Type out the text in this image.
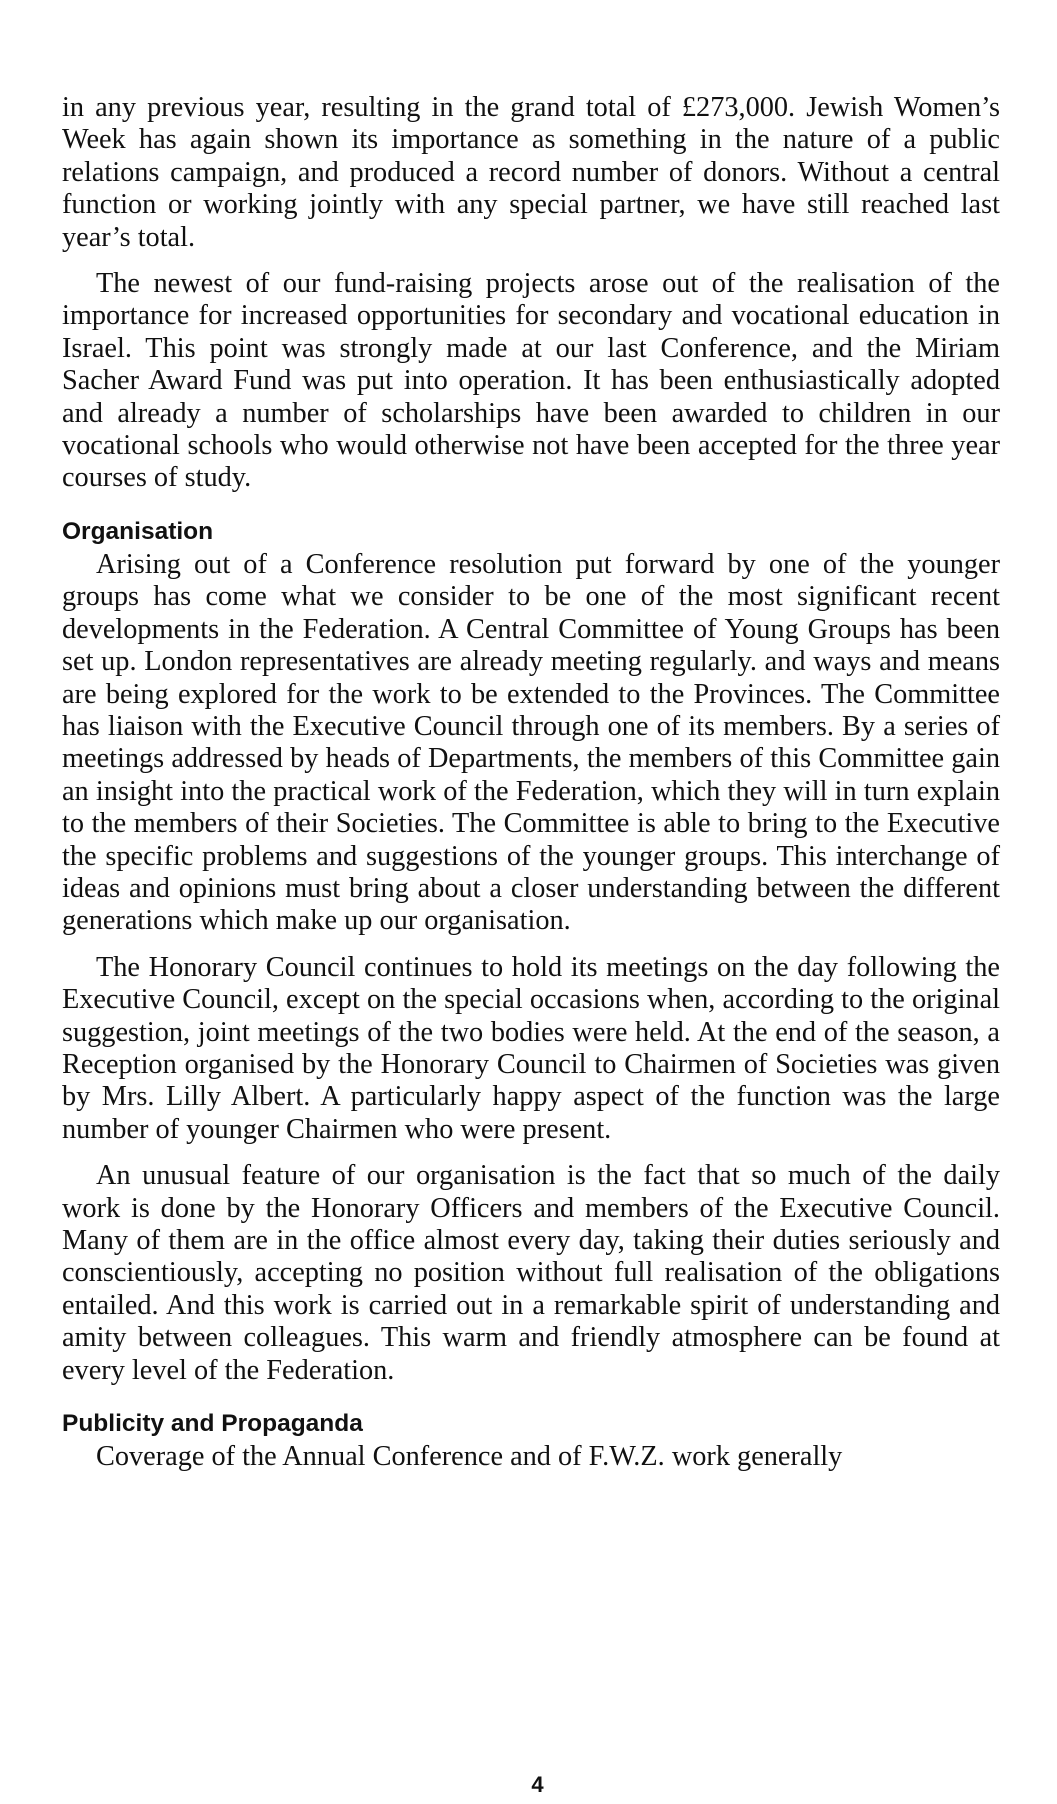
in any previous year, resulting in the grand total of £273,000. Jewish Women’s Week has again shown its importance as something in the nature of a public relations campaign, and produced a record number of donors. Without a central function or working jointly with any special partner, we have still reached last year’s total.

The newest of our fund-raising projects arose out of the realisation of the importance for increased opportunities for secondary and vocational education in Israel. This point was strongly made at our last Conference, and the Miriam Sacher Award Fund was put into operation. It has been enthusiastically adopted and already a number of scholarships have been awarded to children in our vocational schools who would otherwise not have been accepted for the three year courses of study.

Organisation

Arising out of a Conference resolution put forward by one of the younger groups has come what we consider to be one of the most significant recent developments in the Federation. A Central Committee of Young Groups has been set up. London representatives are already meeting regularly. and ways and means are being explored for the work to be extended to the Provinces. The Committee has liaison with the Executive Council through one of its members. By a series of meetings addressed by heads of Departments, the members of this Committee gain an insight into the practical work of the Federation, which they will in turn explain to the members of their Societies. The Committee is able to bring to the Executive the specific problems and suggestions of the younger groups. This interchange of ideas and opinions must bring about a closer understanding between the different generations which make up our organisation.

The Honorary Council continues to hold its meetings on the day following the Executive Council, except on the special occasions when, according to the original suggestion, joint meetings of the two bodies were held. At the end of the season, a Reception organised by the Honorary Council to Chairmen of Societies was given by Mrs. Lilly Albert. A particularly happy aspect of the function was the large number of younger Chairmen who were present.

An unusual feature of our organisation is the fact that so much of the daily work is done by the Honorary Officers and members of the Executive Council. Many of them are in the office almost every day, taking their duties seriously and conscientiously, accepting no position without full realisation of the obligations entailed. And this work is carried out in a remarkable spirit of understanding and amity between colleagues. This warm and friendly atmosphere can be found at every level of the Federation.

Publicity and Propaganda

Coverage of the Annual Conference and of F.W.Z. work generally

4
